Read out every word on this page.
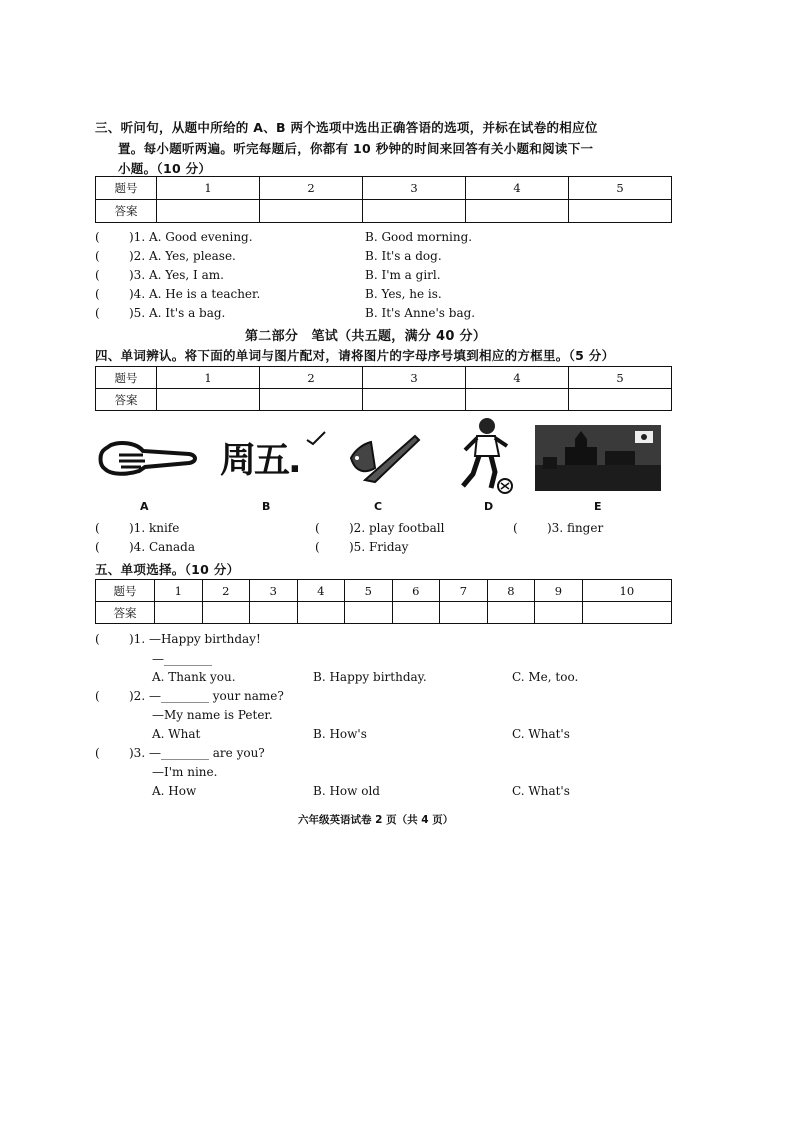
三、听问句，从题中所给的 A、B 两个选项中选出正确答语的选项，并标在试卷的相应位
置。每小题听两遍。听完每题后，你都有 10 秒钟的时间来回答有关小题和阅读下一
小题。（10 分）
题号	1	2	3	4	5
答案					
( )1. A. Good evening.	B. Good morning.
( )2. A. Yes, please.	B. It's a dog.
( )3. A. Yes, I am.	B. I'm a girl.
( )4. A. He is a teacher.	B. Yes, he is.
( )5. A. It's a bag.	B. It's Anne's bag.
第二部分　笔试（共五题，满分 40 分）
四、单词辨认。将下面的单词与图片配对，请将图片的字母序号填到相应的方框里。（5 分）
题号	1	2	3	4	5
答案					
A
周五.
B	C	D	E
( )1. knife	( )2. play football	( )3. finger
( )4. Canada	( )5. Friday
五、单项选择。（10 分）
题号	1	2	3	4	5	6	7	8	9	10
答案										
( )1. —Happy birthday!
—________
A. Thank you.	B. Happy birthday.	C. Me, too.
( )2. —________ your name?
—My name is Peter.
A. What	B. How's	C. What's
( )3. —________ are you?
—I'm nine.
A. How	B. How old	C. What's
六年级英语试卷 2 页（共 4 页）
